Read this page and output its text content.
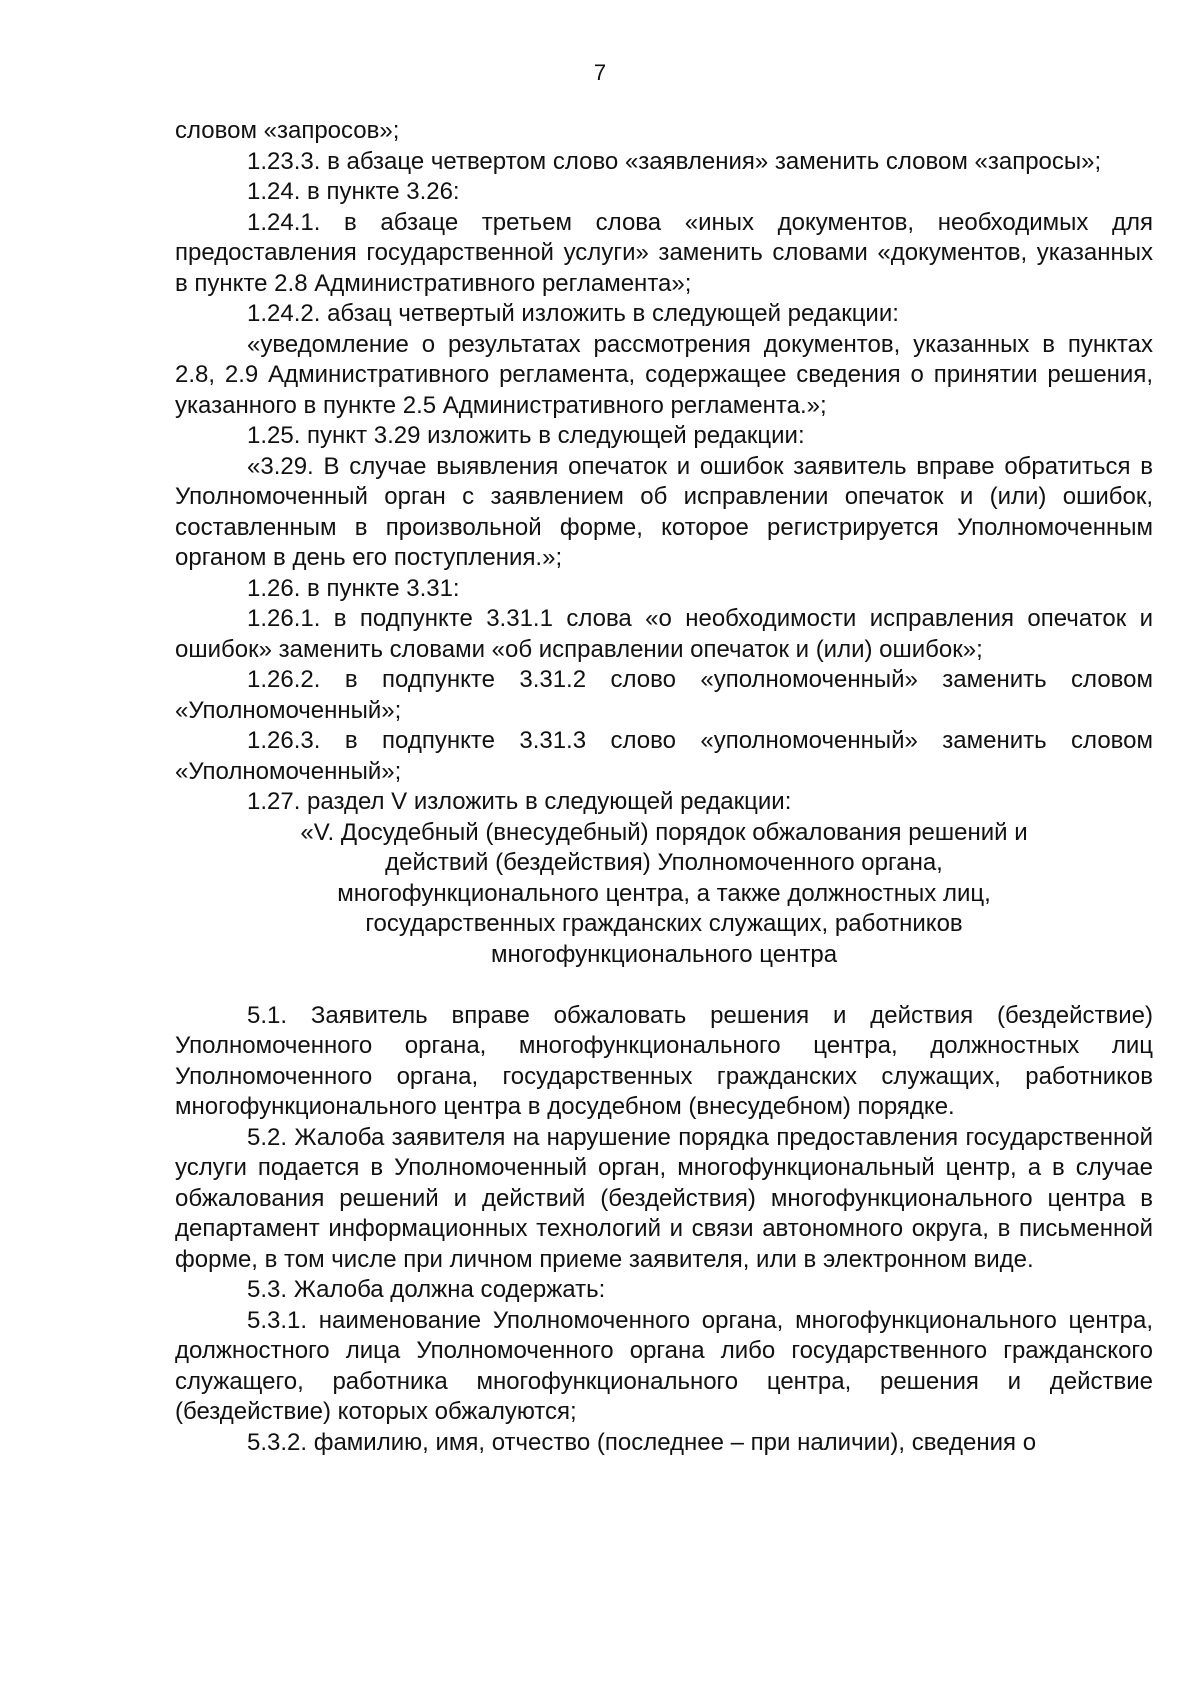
7

словом «запросов»;

1.23.3. в абзаце четвертом слово «заявления» заменить словом «запросы»;

1.24. в пункте 3.26:

1.24.1. в абзаце третьем слова «иных документов, необходимых для предоставления государственной услуги» заменить словами «документов, указанных в пункте 2.8 Административного регламента»;

1.24.2. абзац четвертый изложить в следующей редакции:

«уведомление о результатах рассмотрения документов, указанных в пунктах 2.8, 2.9 Административного регламента, содержащее сведения о принятии решения, указанного в пункте 2.5 Административного регламента.»;

1.25. пункт 3.29 изложить в следующей редакции:

«3.29. В случае выявления опечаток и ошибок заявитель вправе обратиться в Уполномоченный орган с заявлением об исправлении опечаток и (или) ошибок, составленным в произвольной форме, которое регистрируется Уполномоченным органом в день его поступления.»;

1.26. в пункте 3.31:

1.26.1. в подпункте 3.31.1 слова «о необходимости исправления опечаток и ошибок» заменить словами «об исправлении опечаток и (или) ошибок»;

1.26.2. в подпункте 3.31.2 слово «уполномоченный» заменить словом «Уполномоченный»;

1.26.3. в подпункте 3.31.3 слово «уполномоченный» заменить словом «Уполномоченный»;

1.27. раздел V изложить в следующей редакции:

«V. Досудебный (внесудебный) порядок обжалования решений и действий (бездействия) Уполномоченного органа, многофункционального центра, а также должностных лиц, государственных гражданских служащих, работников многофункционального центра

5.1. Заявитель вправе обжаловать решения и действия (бездействие) Уполномоченного органа, многофункционального центра, должностных лиц Уполномоченного органа, государственных гражданских служащих, работников многофункционального центра в досудебном (внесудебном) порядке.

5.2. Жалоба заявителя на нарушение порядка предоставления государственной услуги подается в Уполномоченный орган, многофункциональный центр, а в случае обжалования решений и действий (бездействия) многофункционального центра в департамент информационных технологий и связи автономного округа, в письменной форме, в том числе при личном приеме заявителя, или в электронном виде.

5.3. Жалоба должна содержать:

5.3.1. наименование Уполномоченного органа, многофункционального центра, должностного лица Уполномоченного органа либо государственного гражданского служащего, работника многофункционального центра, решения и действие (бездействие) которых обжалуются;

5.3.2. фамилию, имя, отчество (последнее – при наличии), сведения о
